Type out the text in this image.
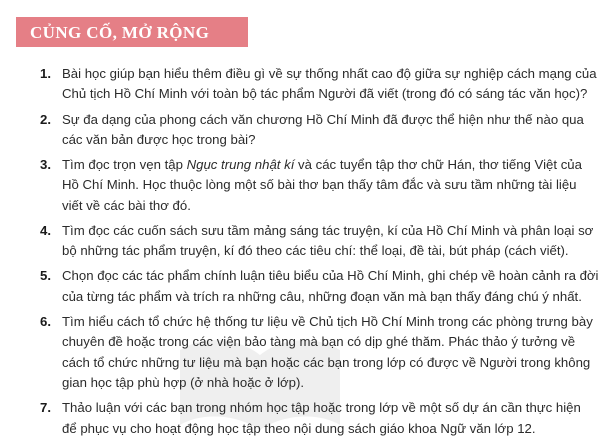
CỦNG CỐ, MỞ RỘNG
1. Bài học giúp bạn hiểu thêm điều gì về sự thống nhất cao độ giữa sự nghiệp cách mạng của
Chủ tịch Hồ Chí Minh với toàn bộ tác phẩm Người đã viết (trong đó có sáng tác văn học)?
2. Sự đa dạng của phong cách văn chương Hồ Chí Minh đã được thể hiện như thế nào qua
các văn bản được học trong bài?
3. Tìm đọc trọn vẹn tập Ngục trung nhật kí và các tuyển tập thơ chữ Hán, thơ tiếng Việt của
Hồ Chí Minh. Học thuộc lòng một số bài thơ bạn thấy tâm đắc và sưu tầm những tài liệu
viết về các bài thơ đó.
4. Tìm đọc các cuốn sách sưu tầm mảng sáng tác truyện, kí của Hồ Chí Minh và phân loại sơ
bộ những tác phẩm truyện, kí đó theo các tiêu chí: thể loại, đề tài, bút pháp (cách viết).
5. Chọn đọc các tác phẩm chính luận tiêu biểu của Hồ Chí Minh, ghi chép về hoàn cảnh ra đời
của từng tác phẩm và trích ra những câu, những đoạn văn mà bạn thấy đáng chú ý nhất.
6. Tìm hiểu cách tổ chức hệ thống tư liệu về Chủ tịch Hồ Chí Minh trong các phòng trưng bày
chuyên đề hoặc trong các viện bảo tàng mà bạn có dịp ghé thăm. Phác thảo ý tưởng về
cách tổ chức những tư liệu mà bạn hoặc các bạn trong lớp có được về Người trong không
gian học tập phù hợp (ở nhà hoặc ở lớp).
7. Thảo luận với các bạn trong nhóm học tập hoặc trong lớp về một số dự án cần thực hiện
để phục vụ cho hoạt động học tập theo nội dung sách giáo khoa Ngữ văn lớp 12.
